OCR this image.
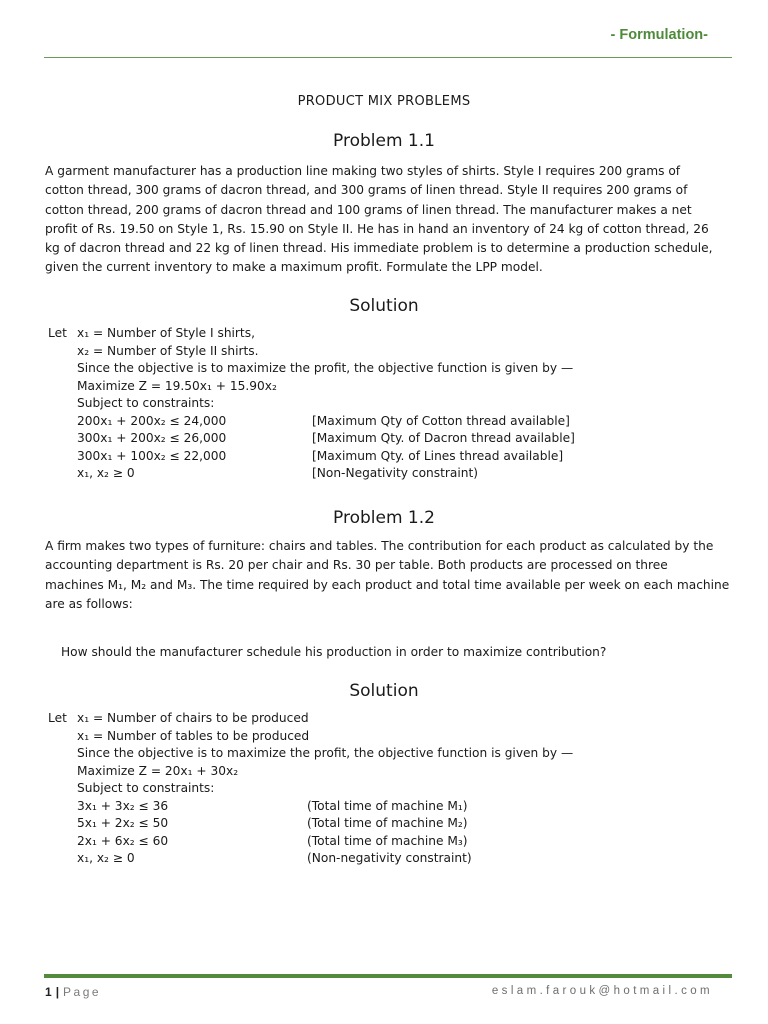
- Formulation-
PRODUCT MIX PROBLEMS
Problem 1.1
A garment manufacturer has a production line making two styles of shirts. Style I requires 200 grams of
cotton thread, 300 grams of dacron thread, and 300 grams of linen thread. Style II requires 200 grams of
cotton thread, 200 grams of dacron thread and 100 grams of linen thread. The manufacturer makes a net
profit of Rs. 19.50 on Style 1, Rs. 15.90 on Style II. He has in hand an inventory of 24 kg of cotton thread, 26
kg of dacron thread and 22 kg of linen thread. His immediate problem is to determine a production schedule,
given the current inventory to make a maximum profit. Formulate the LPP model.
Solution
Let x₁ = Number of Style I shirts,
x₂ = Number of Style II shirts.
Since the objective is to maximize the profit, the objective function is given by —
Maximize Z = 19.50x₁ + 15.90x₂
Subject to constraints:
200x₁ + 200x₂ ≤ 24,000	[Maximum Qty of Cotton thread available]
300x₁ + 200x₂ ≤ 26,000	[Maximum Qty. of Dacron thread available]
300x₁ + 100x₂ ≤ 22,000	[Maximum Qty. of Lines thread available]
x₁, x₂ ≥ 0	[Non-Negativity constraint)
Problem 1.2
A firm makes two types of furniture: chairs and tables. The contribution for each product as calculated by the
accounting department is Rs. 20 per chair and Rs. 30 per table. Both products are processed on three
machines M₁, M₂ and M₃. The time required by each product and total time available per week on each machine
are as follows:
How should the manufacturer schedule his production in order to maximize contribution?
Solution
Let x₁ = Number of chairs to be produced
x₁ = Number of tables to be produced
Since the objective is to maximize the profit, the objective function is given by —
Maximize Z = 20x₁ + 30x₂
Subject to constraints:
3x₁ + 3x₂ ≤ 36	(Total time of machine M₁)
5x₁ + 2x₂ ≤ 50	(Total time of machine M₂)
2x₁ + 6x₂ ≤ 60	(Total time of machine M₃)
x₁, x₂ ≥ 0	(Non-negativity constraint)
1 | Page	eslam.farouk@hotmail.com
